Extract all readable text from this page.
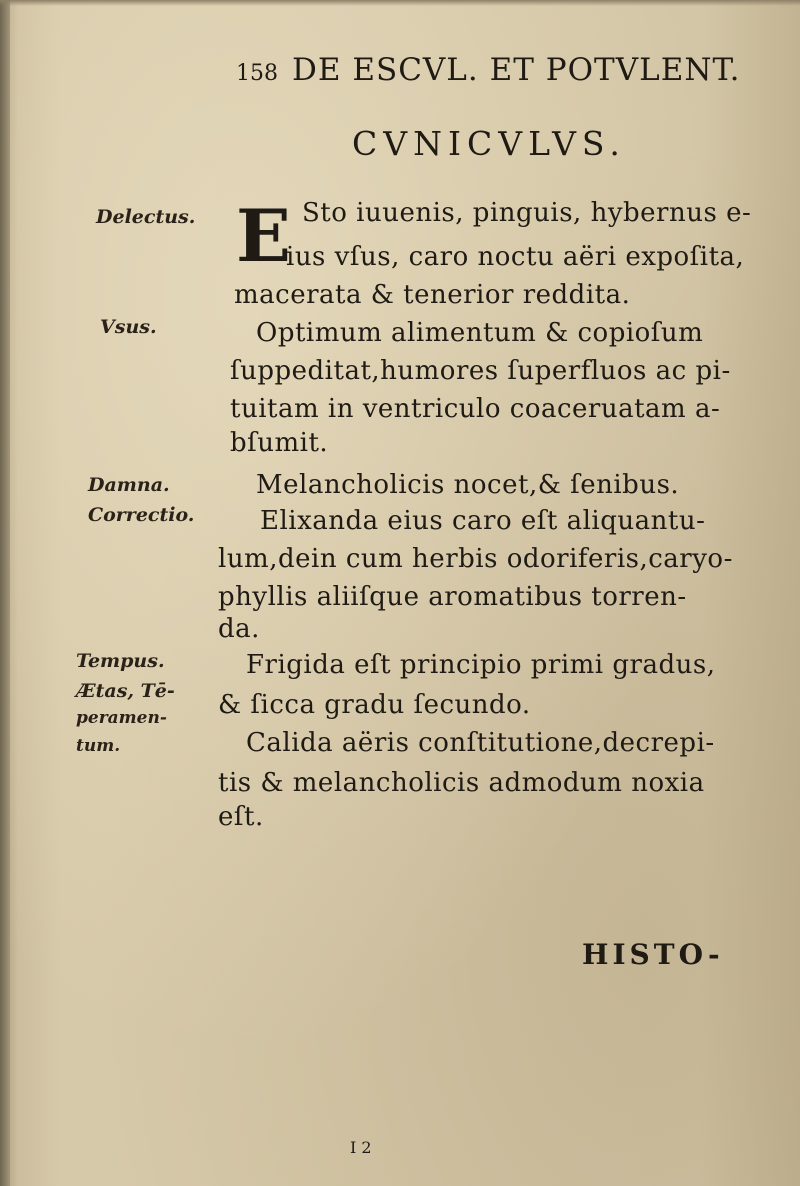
158 DE ESCVL. ET POTVLENT.
CVNICVLVS.
Delectus.
Vsus.
Damna.
Correctio.
Tempus.
Ætas, Tē-
peramen-
tum.
E Sto iuuenis, pinguis, hybernus e-
ius vſus, caro noctu aëri expoſita,
macerata & tenerior reddita.
Optimum alimentum & copioſum
ſuppeditat,humores ſuperfluos ac pi-
tuitam in ventriculo coaceruatam a-
bſumit.
Melancholicis nocet,& ſenibus.
Elixanda eius caro eſt aliquantu-
lum,dein cum herbis odoriferis,caryo-
phyllis aliiſque aromatibus torren-
da.
Frigida eſt principio primi gradus,
& ſicca gradu ſecundo.
Calida aëris conſtitutione,decrepi-
tis & melancholicis admodum noxia
eſt.
HISTO-
I 2
